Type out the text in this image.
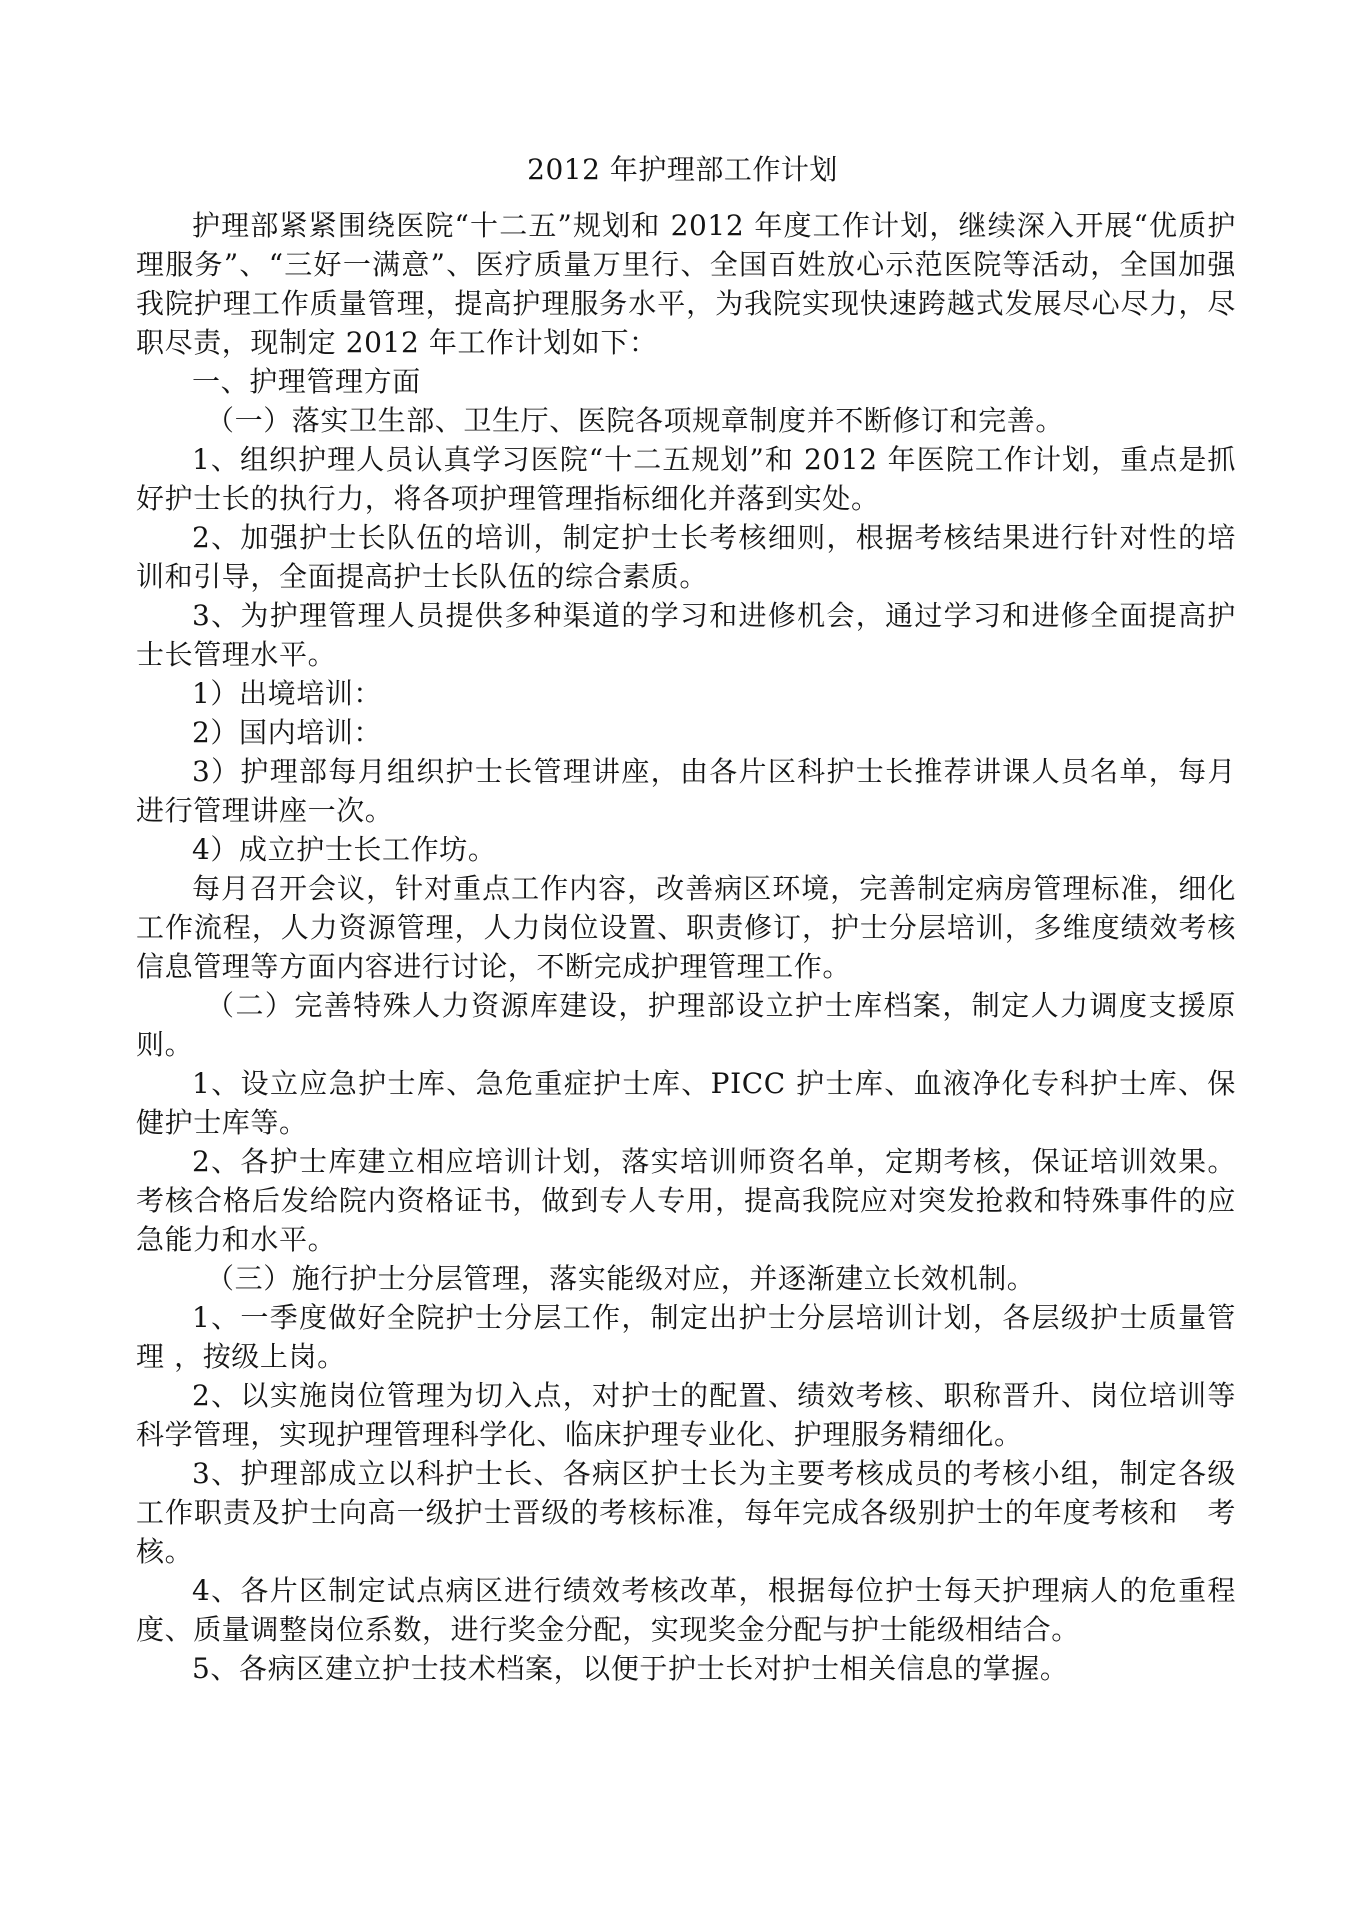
2012 年护理部工作计划

护理部紧紧围绕医院“十二五”规划和 2012 年度工作计划，继续深入开展“优质护理服务”、“三好一满意”、医疗质量万里行、全国百姓放心示范医院等活动，全国加强我院护理工作质量管理，提高护理服务水平，为我院实现快速跨越式发展尽心尽力，尽职尽责，现制定 2012 年工作计划如下：

一、护理管理方面

（一）落实卫生部、卫生厅、医院各项规章制度并不断修订和完善。

1、组织护理人员认真学习医院“十二五规划”和 2012 年医院工作计划，重点是抓好护士长的执行力，将各项护理管理指标细化并落到实处。

2、加强护士长队伍的培训，制定护士长考核细则，根据考核结果进行针对性的培训和引导，全面提高护士长队伍的综合素质。

3、为护理管理人员提供多种渠道的学习和进修机会，通过学习和进修全面提高护士长管理水平。

1）出境培训：

2）国内培训：

3）护理部每月组织护士长管理讲座，由各片区科护士长推荐讲课人员名单，每月进行管理讲座一次。

4）成立护士长工作坊。

每月召开会议，针对重点工作内容，改善病区环境，完善制定病房管理标准，细化工作流程，人力资源管理，人力岗位设置、职责修订，护士分层培训，多维度绩效考核信息管理等方面内容进行讨论，不断完成护理管理工作。

（二）完善特殊人力资源库建设，护理部设立护士库档案，制定人力调度支援原则。

1、设立应急护士库、急危重症护士库、PICC 护士库、血液净化专科护士库、保健护士库等。

2、各护士库建立相应培训计划，落实培训师资名单，定期考核，保证培训效果。考核合格后发给院内资格证书，做到专人专用，提高我院应对突发抢救和特殊事件的应急能力和水平。

（三）施行护士分层管理，落实能级对应，并逐渐建立长效机制。

1、一季度做好全院护士分层工作，制定出护士分层培训计划，各层级护士质量管理 ，按级上岗。

2、以实施岗位管理为切入点，对护士的配置、绩效考核、职称晋升、岗位培训等科学管理，实现护理管理科学化、临床护理专业化、护理服务精细化。

3、护理部成立以科护士长、各病区护士长为主要考核成员的考核小组，制定各级工作职责及护士向高一级护士晋级的考核标准，每年完成各级别护士的年度考核和　考核。

4、各片区制定试点病区进行绩效考核改革，根据每位护士每天护理病人的危重程度、质量调整岗位系数，进行奖金分配，实现奖金分配与护士能级相结合。

5、各病区建立护士技术档案，以便于护士长对护士相关信息的掌握。
